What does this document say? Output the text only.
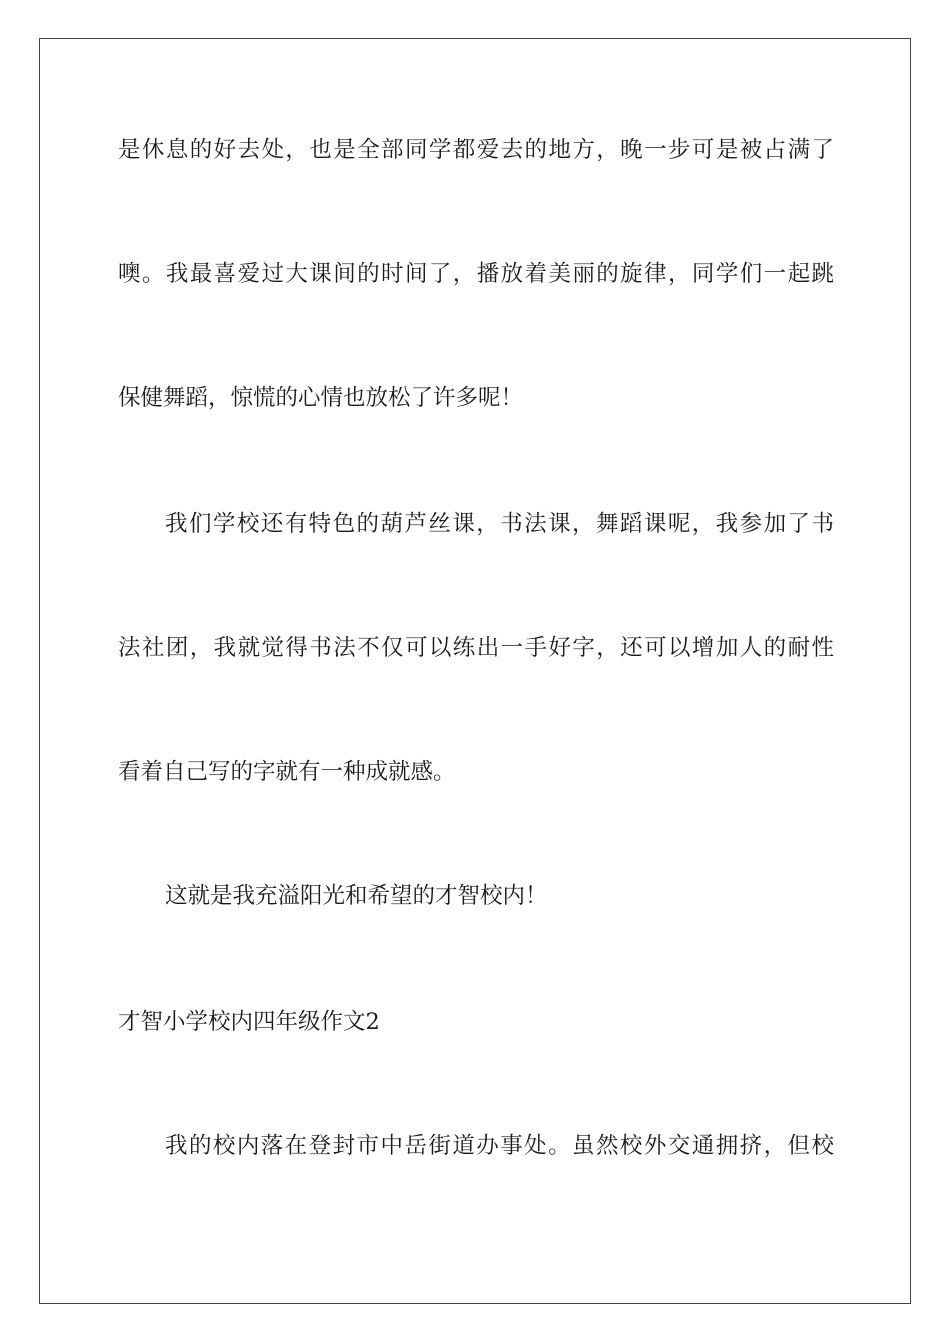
是休息的好去处，也是全部同学都爱去的地方，晚一步可是被占满了
噢。我最喜爱过大课间的时间了，播放着美丽的旋律，同学们一起跳
保健舞蹈，惊慌的心情也放松了许多呢！
我们学校还有特色的葫芦丝课，书法课，舞蹈课呢，我参加了书
法社团，我就觉得书法不仅可以练出一手好字，还可以增加人的耐性
看着自己写的字就有一种成就感。
这就是我充溢阳光和希望的才智校内！
才智小学校内四年级作文2
我的校内落在登封市中岳街道办事处。虽然校外交通拥挤，但校
